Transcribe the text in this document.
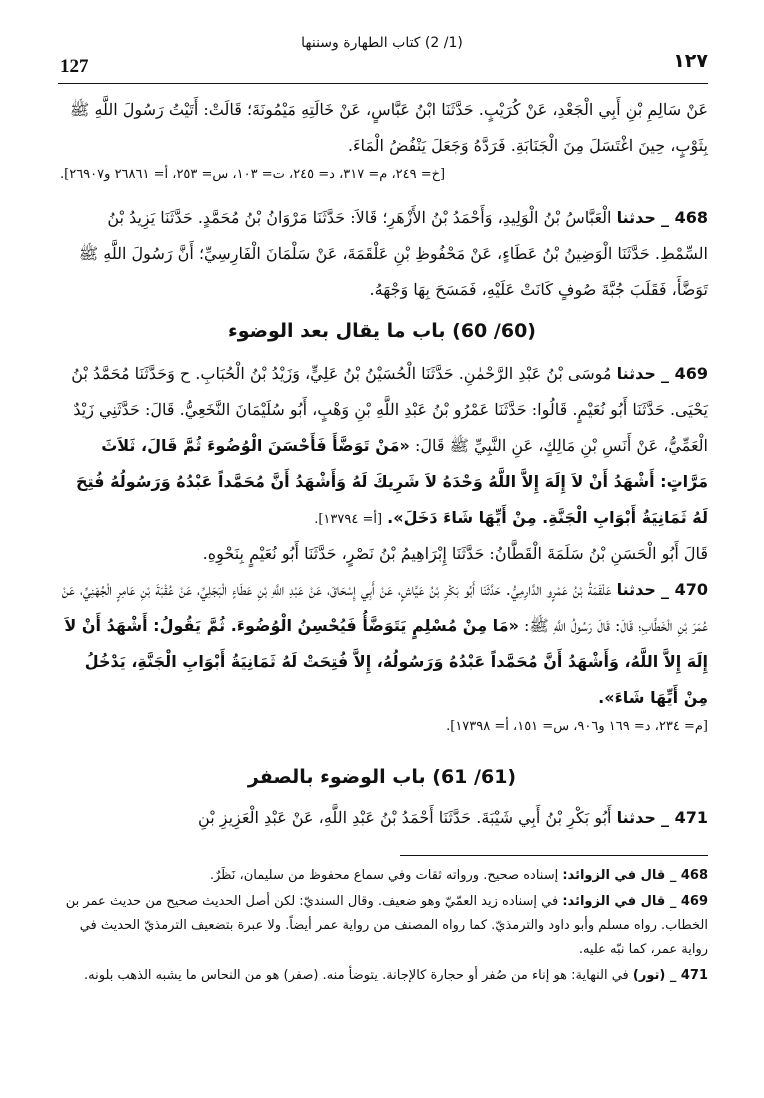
127
(1/ 2) كتاب الطهارة وسننها
١٢٧

عَنْ سَالِمِ بْنِ أَبِي الْجَعْدِ، عَنْ كُرَيْبٍ. حَدَّثَنَا ابْنُ عَبَّاسٍ، عَنْ خَالَتِهِ مَيْمُونَةَ؛ قَالَتْ: أَتَيْتُ رَسُولَ اللَّهِ ﷺ بِثَوْبٍ، حِينَ اغْتَسَلَ مِنَ الْجَنَابَةِ. فَرَدَّهُ وَجَعَلَ يَنْفُضُ الْمَاءَ.

[خ= ٢٤٩، م= ٣١٧، د= ٢٤٥، ت= ١٠٣، س= ٢٥٣، أ= ٢٦٨٦١ و٢٦٩٠٧].

468 _ حدثنا الْعَبَّاسُ بْنُ الْوَلِيدِ، وَأَحْمَدُ بْنُ الأَزْهَرِ؛ قَالاَ: حَدَّثَنَا مَرْوَانُ بْنُ مُحَمَّدٍ. حَدَّثَنَا يَزِيدُ بْنُ السِّمْطِ. حَدَّثَنَا الْوَضِينُ بْنُ عَطَاءٍ، عَنْ مَحْفُوظِ بْنِ عَلْقَمَةَ، عَنْ سَلْمَانَ الْفَارِسِيِّ؛ أَنَّ رَسُولَ اللَّهِ ﷺ تَوَضَّأَ، فَقَلَبَ جُبَّةَ صُوفٍ كَانَتْ عَلَيْهِ، فَمَسَحَ بِهَا وَجْهَهُ.

(60/ 60) باب ما يقال بعد الوضوء

469 _ حدثنا مُوسَى بْنُ عَبْدِ الرَّحْمٰنِ. حَدَّثَنَا الْحُسَيْنُ بْنُ عَلِيٍّ، وَزَيْدُ بْنُ الْحُبَابِ. ح وَحَدَّثَنَا مُحَمَّدُ بْنُ يَحْيَى. حَدَّثَنَا أَبُو نُعَيْمٍ. قَالُوا: حَدَّثَنَا عَمْرُو بْنُ عَبْدِ اللَّهِ بْنِ وَهْبٍ، أَبُو سُلَيْمَانَ النَّخَعِيُّ. قَالَ: حَدَّثَنِي زَيْدٌ الْعَمِّيُّ، عَنْ أَنَسِ بْنِ مَالِكٍ، عَنِ النَّبِيِّ ﷺ قَالَ: «مَنْ تَوَضَّأَ فَأَحْسَنَ الْوُضُوءَ ثُمَّ قَالَ، ثَلاَثَ مَرَّاتٍ: أَشْهَدُ أَنْ لاَ إِلَهَ إِلاَّ اللَّهُ وَحْدَهُ لاَ شَرِيكَ لَهُ وَأَشْهَدُ أَنَّ مُحَمَّداً عَبْدُهُ وَرَسُولُهُ فُتِحَ لَهُ ثَمَانِيَةُ أَبْوَابِ الْجَنَّةِ. مِنْ أَيِّهَا شَاءَ دَخَلَ». [أ= ١٣٧٩٤].

قَالَ أَبُو الْحَسَنِ بْنُ سَلَمَةَ الْقَطَّانُ: حَدَّثَنَا إِبْرَاهِيمُ بْنُ نَصْرٍ، حَدَّثَنَا أَبُو نُعَيْمٍ بِنَحْوِهِ.

470 _ حدثنا عَلْقَمَةُ بْنُ عَمْرٍو الدَّارِمِيُّ. حَدَّثَنَا أَبُو بَكْرِ بْنُ عَيَّاشٍ، عَنْ أَبِي إِسْحَاقَ، عَنْ عَبْدِ اللَّهِ بْنِ عَطَاءٍ الْبَجَلِيِّ، عَنْ عُقْبَةَ بْنِ عَامِرٍ الْجُهَنِيِّ، عَنْ عُمَرَ بْنِ الْخَطَّابِ؛ قَالَ: قَالَ رَسُولُ اللَّهِ ﷺ: «مَا مِنْ مُسْلِمٍ يَتَوَضَّأُ فَيُحْسِنُ الْوُضُوءَ. ثُمَّ يَقُولُ: أَشْهَدُ أَنْ لاَ إِلَهَ إِلاَّ اللَّهُ، وَأَشْهَدُ أَنَّ مُحَمَّداً عَبْدُهُ وَرَسُولُهُ، إِلاَّ فُتِحَتْ لَهُ ثَمَانِيَةُ أَبْوَابِ الْجَنَّةِ، يَدْخُلُ مِنْ أَيِّهَا شَاءَ».

[م= ٢٣٤، د= ١٦٩ و٩٠٦، س= ١٥١، أ= ١٧٣٩٨].

(61/ 61) باب الوضوء بالصفر

471 _ حدثنا أَبُو بَكْرِ بْنُ أَبِي شَيْبَةَ. حَدَّثَنَا أَحْمَدُ بْنُ عَبْدِ اللَّهِ، عَنْ عَبْدِ الْعَزِيزِ بْنِ

468 _ قال في الزوائد: إسناده صحيح. ورواته ثقات وفي سماع محفوظ من سليمان، نَظَرٌ.

469 _ قال في الزوائد: في إسناده زيد العمّيّ وهو ضعيف. وقال السنديّ: لكن أصل الحديث صحيح من حديث عمر بن الخطاب. رواه مسلم وأبو داود والترمذيّ. كما رواه المصنف من رواية عمر أيضاً. ولا عبرة بتضعيف الترمذيّ الحديث في رواية عمر، كما نبّه عليه.

471 _ (تور) في النهاية: هو إناء من صُفر أو حجارة كالإجانة. يتوضأ منه. (صفر) هو من النحاس ما يشبه الذهب بلونه.
